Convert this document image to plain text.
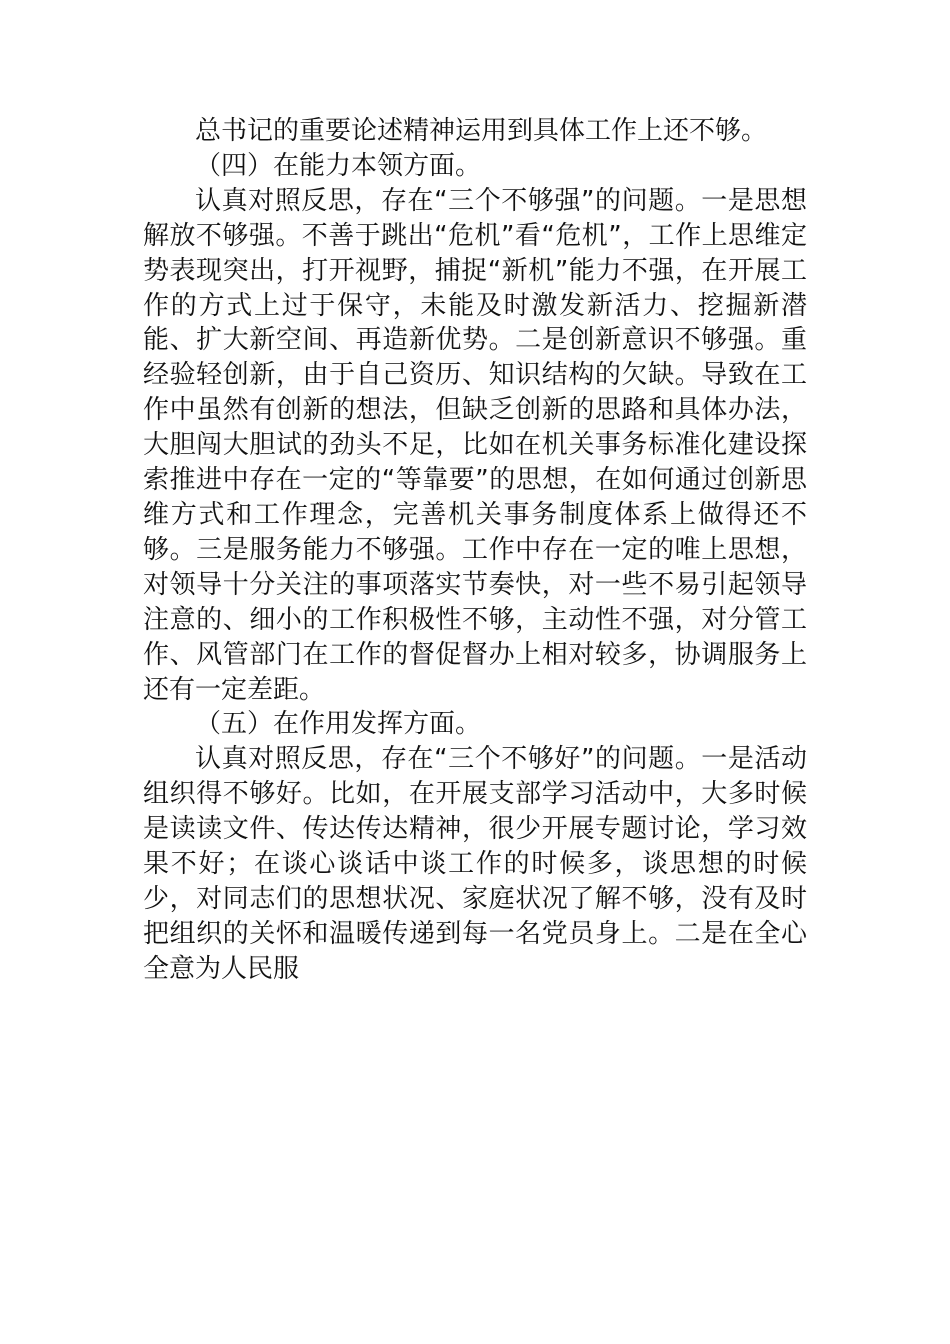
总书记的重要论述精神运用到具体工作上还不够。

（四）在能力本领方面。

认真对照反思，存在“三个不够强”的问题。一是思想解放不够强。不善于跳出“危机”看“危机”，工作上思维定势表现突出，打开视野，捕捉“新机”能力不强，在开展工作的方式上过于保守，未能及时激发新活力、挖掘新潜能、扩大新空间、再造新优势。二是创新意识不够强。重经验轻创新，由于自己资历、知识结构的欠缺。导致在工作中虽然有创新的想法，但缺乏创新的思路和具体办法，大胆闯大胆试的劲头不足，比如在机关事务标准化建设探索推进中存在一定的“等靠要”的思想，在如何通过创新思维方式和工作理念，完善机关事务制度体系上做得还不够。三是服务能力不够强。工作中存在一定的唯上思想，对领导十分关注的事项落实节奏快，对一些不易引起领导注意的、细小的工作积极性不够，主动性不强，对分管工作、风管部门在工作的督促督办上相对较多，协调服务上还有一定差距。

（五）在作用发挥方面。

认真对照反思，存在“三个不够好”的问题。一是活动组织得不够好。比如，在开展支部学习活动中，大多时候是读读文件、传达传达精神，很少开展专题讨论，学习效果不好；在谈心谈话中谈工作的时候多，谈思想的时候少，对同志们的思想状况、家庭状况了解不够，没有及时把组织的关怀和温暖传递到每一名党员身上。二是在全心全意为人民服
